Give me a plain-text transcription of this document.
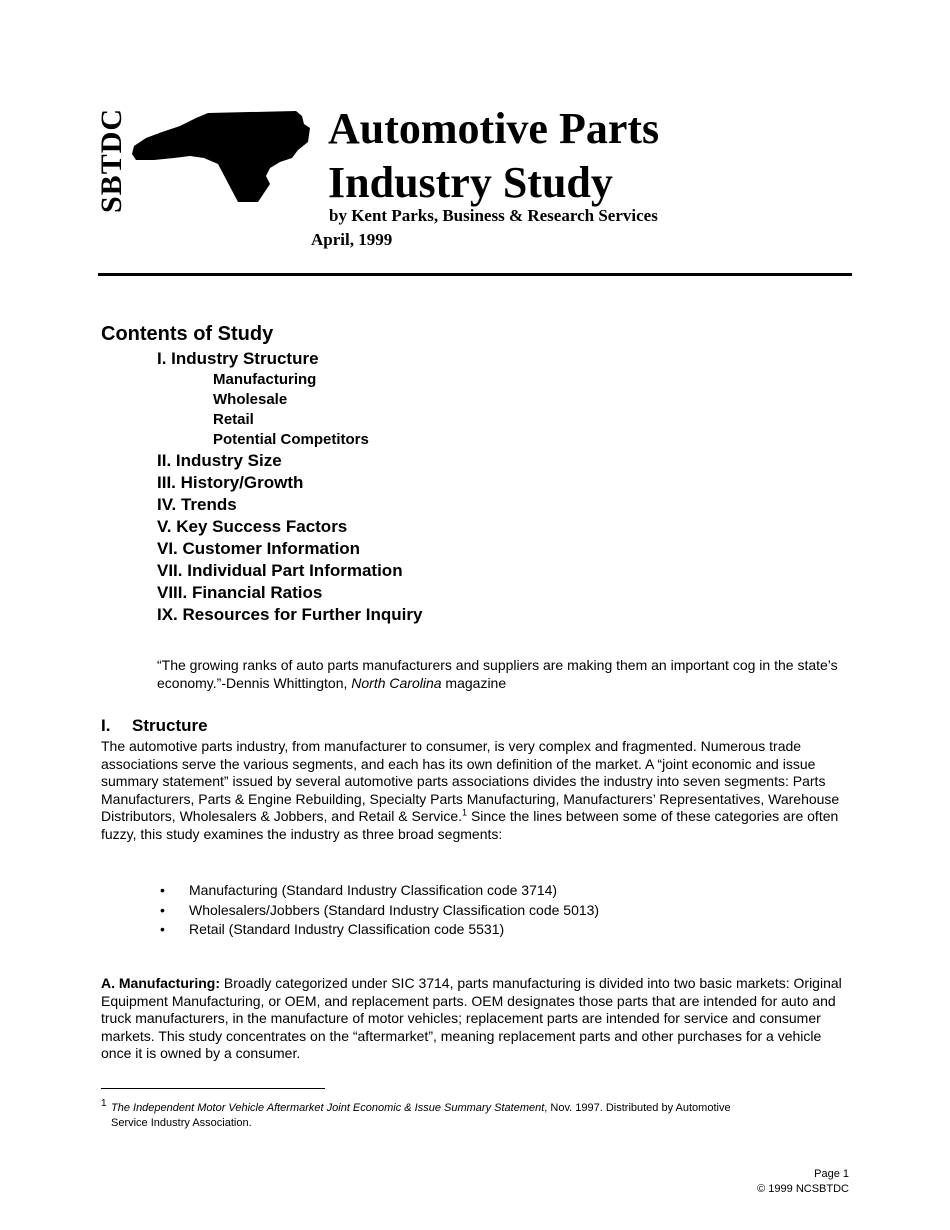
SBTDC	Automotive Parts
Industry Study
by Kent Parks, Business & Research Services
April, 1999
Contents of Study
I. Industry Structure
Manufacturing
Wholesale
Retail
Potential Competitors
II. Industry Size
III. History/Growth
IV. Trends
V. Key Success Factors
VI. Customer Information
VII. Individual Part Information
VIII. Financial Ratios
IX. Resources for Further Inquiry

“The growing ranks of auto parts manufacturers and suppliers are making them an important cog in the state’s economy.”-Dennis Whittington, North Carolina magazine

I. Structure

The automotive parts industry, from manufacturer to consumer, is very complex and fragmented. Numerous trade associations serve the various segments, and each has its own definition of the market. A “joint economic and issue summary statement” issued by several automotive parts associations divides the industry into seven segments: Parts Manufacturers, Parts & Engine Rebuilding, Specialty Parts Manufacturing, Manufacturers’ Representatives, Warehouse Distributors, Wholesalers & Jobbers, and Retail & Service.$^1$ Since the lines between some of these categories are often fuzzy, this study examines the industry as three broad segments:

• Manufacturing (Standard Industry Classification code 3714)
• Wholesalers/Jobbers (Standard Industry Classification code 5013)
• Retail (Standard Industry Classification code 5531)

A. Manufacturing: Broadly categorized under SIC 3714, parts manufacturing is divided into two basic markets: Original Equipment Manufacturing, or OEM, and replacement parts. OEM designates those parts that are intended for auto and truck manufacturers, in the manufacture of motor vehicles; replacement parts are intended for service and consumer markets. This study concentrates on the “aftermarket”, meaning replacement parts and other purchases for a vehicle once it is owned by a consumer.

1 The Independent Motor Vehicle Aftermarket Joint Economic & Issue Summary Statement, Nov. 1997. Distributed by Automotive
Service Industry Association.
Page 1
© 1999 NCSBTDC
